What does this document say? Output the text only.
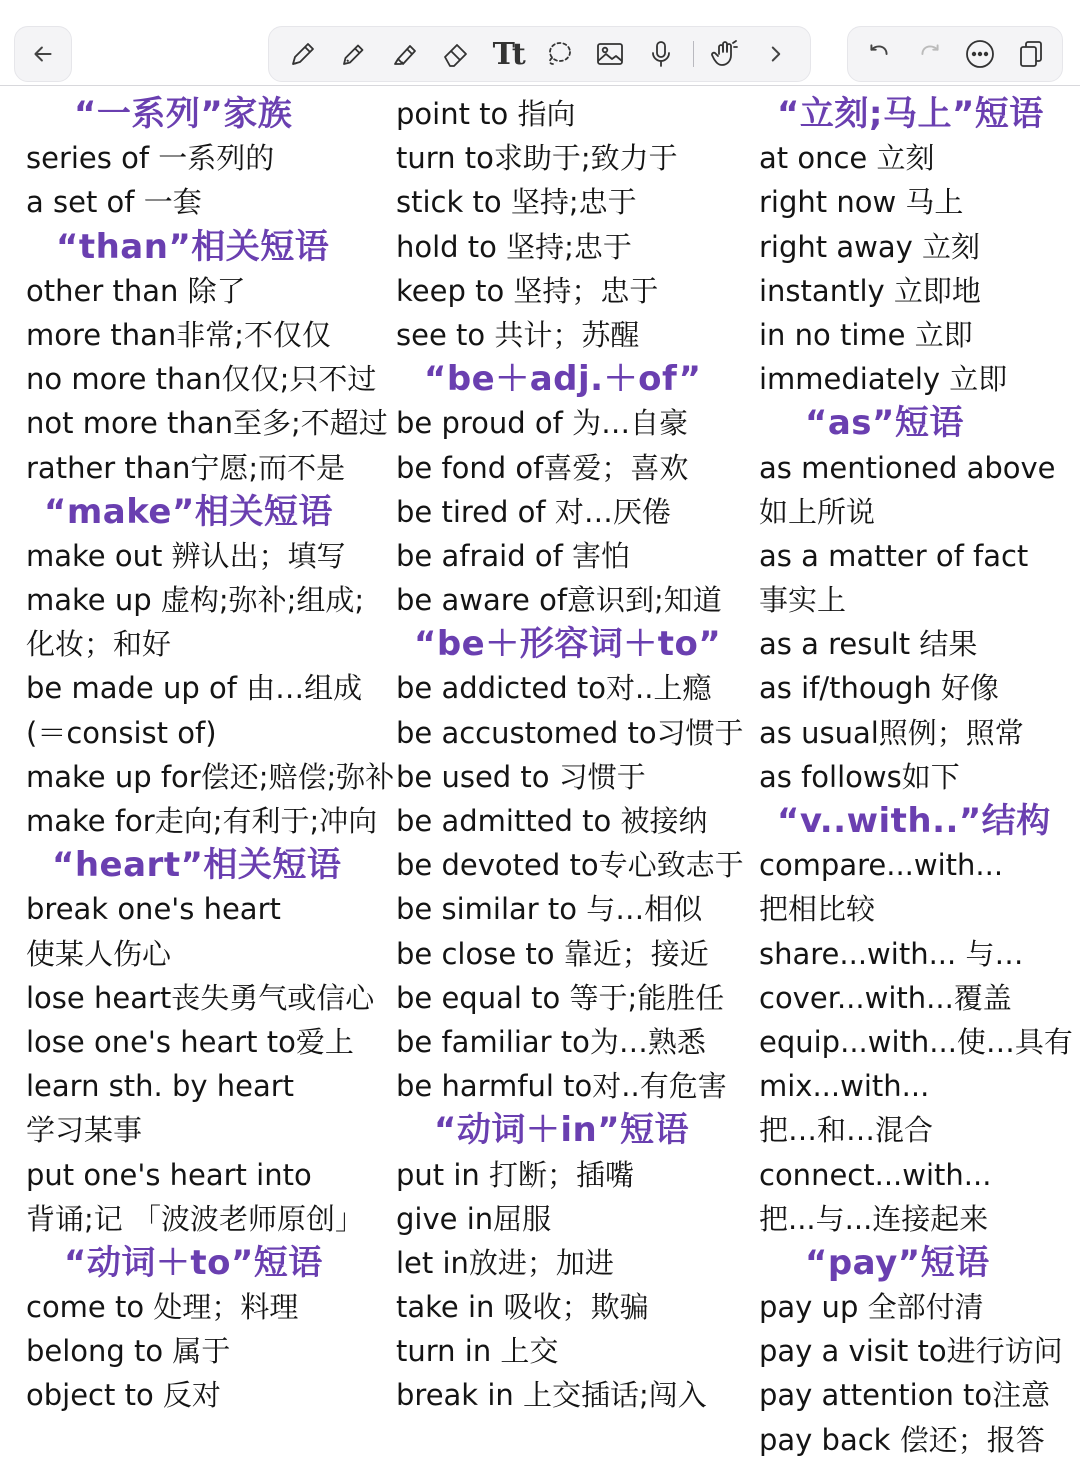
Tt
“一系列”家族
series of 一系列的
a set of 一套
“than”相关短语
other than 除了
more than非常;不仅仅
no more than仅仅;只不过
not more than至多;不超过
rather than宁愿;而不是
“make”相关短语
make out 辨认出；填写
make up 虚构;弥补;组成;
化妆；和好
be made up of 由…组成
(＝consist of)
make up for偿还;赔偿;弥补
make for走向;有利于;冲向
“heart”相关短语
break one's heart
使某人伤心
lose heart丧失勇气或信心
lose one's heart to爱上
learn sth. by heart
学习某事
put one's heart into
背诵;记 「波波老师原创」
“动词＋to”短语
come to 处理；料理
belong to 属于
object to 反对
point to 指向
turn to求助于;致力于
stick to 坚持;忠于
hold to 坚持;忠于
keep to 坚持；忠于
see to 共计；苏醒
“be＋adj.＋of”
be proud of 为…自豪
be fond of喜爱；喜欢
be tired of 对…厌倦
be afraid of 害怕
be aware of意识到;知道
“be＋形容词＋to”
be addicted to对..上瘾
be accustomed to习惯于
be used to 习惯于
be admitted to 被接纳
be devoted to专心致志于
be similar to 与…相似
be close to 靠近；接近
be equal to 等于;能胜任
be familiar to为…熟悉
be harmful to对..有危害
“动词＋in”短语
put in 打断；插嘴
give in屈服
let in放进；加进
take in 吸收；欺骗
turn in 上交
break in 上交插话;闯入
“立刻;马上”短语
at once 立刻
right now 马上
right away 立刻
instantly 立即地
in no time 立即
immediately 立即
“as”短语
as mentioned above
如上所说
as a matter of fact
事实上
as a result 结果
as if/though 好像
as usual照例；照常
as follows如下
“v..with..”结构
compare...with...
把相比较
share...with... 与…
cover...with...覆盖
equip...with...使…具有
mix...with...
把…和…混合
connect...with...
把...与...连接起来
“pay”短语
pay up 全部付清
pay a visit to进行访问
pay attention to注意
pay back 偿还；报答
